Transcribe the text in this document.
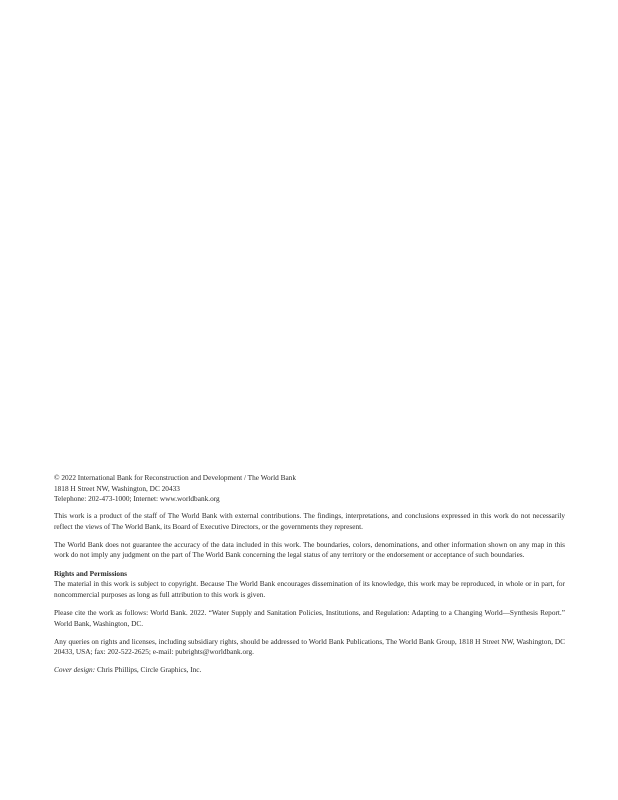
© 2022 International Bank for Reconstruction and Development / The World Bank
1818 H Street NW, Washington, DC 20433
Telephone: 202-473-1000; Internet: www.worldbank.org

This work is a product of the staff of The World Bank with external contributions. The findings, interpretations, and conclusions expressed in this work do not necessarily reflect the views of The World Bank, its Board of Executive Directors, or the governments they represent.

The World Bank does not guarantee the accuracy of the data included in this work. The boundaries, colors, denominations, and other information shown on any map in this work do not imply any judgment on the part of The World Bank concerning the legal status of any territory or the endorsement or acceptance of such boundaries.

Rights and Permissions
The material in this work is subject to copyright. Because The World Bank encourages dissemination of its knowledge, this work may be reproduced, in whole or in part, for noncommercial purposes as long as full attribution to this work is given.

Please cite the work as follows: World Bank. 2022. “Water Supply and Sanitation Policies, Institutions, and Regulation: Adapting to a Changing World—Synthesis Report.” World Bank, Washington, DC.

Any queries on rights and licenses, including subsidiary rights, should be addressed to World Bank Publications, The World Bank Group, 1818 H Street NW, Washington, DC 20433, USA; fax: 202-522-2625; e-mail: pubrights@worldbank.org.

Cover design: Chris Phillips, Circle Graphics, Inc.
